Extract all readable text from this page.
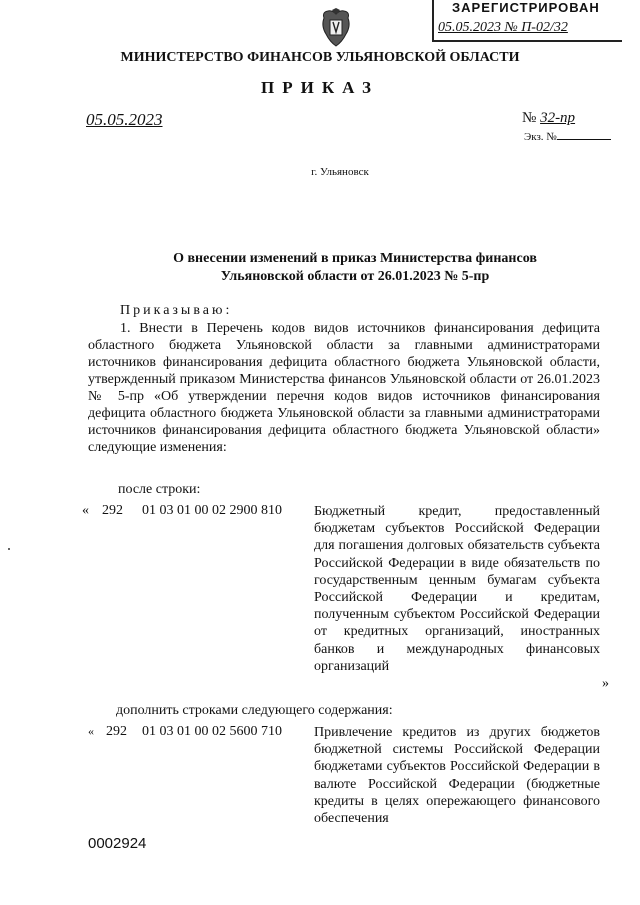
ЗАРЕГИСТРИРОВАН
05.05.2023 № П-02/32
МИНИСТЕРСТВО ФИНАНСОВ УЛЬЯНОВСКОЙ ОБЛАСТИ
ПРИКАЗ
05.05.2023	№ 32-пр
Экз. №
г. Ульяновск
О внесении изменений в приказ Министерства финансов Ульяновской области от 26.01.2023 № 5-пр
Приказываю:

1. Внести в Перечень кодов видов источников финансирования дефицита областного бюджета Ульяновской области за главными администраторами источников финансирования дефицита областного бюджета Ульяновской области, утвержденный приказом Министерства финансов Ульяновской области от 26.01.2023 № 5-пр «Об утверждении перечня кодов видов источников финансирования дефицита областного бюджета Ульяновской области за главными администраторами источников финансирования дефицита областного бюджета Ульяновской области» следующие изменения:

после строки:
« 292 01 03 01 00 02 2900 810 Бюджетный кредит, предоставленный бюджетам субъектов Российской Федерации для погашения долговых обязательств субъекта Российской Федерации в виде обязательств по государственным ценным бумагам субъекта Российской Федерации и кредитам, полученным субъектом Российской Федерации от кредитных организаций, иностранных банков и международных финансовых организаций
»
дополнить строками следующего содержания:
« 292 01 03 01 00 02 5600 710 Привлечение кредитов из других бюджетов бюджетной системы Российской Федерации бюджетами субъектов Российской Федерации в валюте Российской Федерации (бюджетные кредиты в целях опережающего финансового обеспечения
0002924
